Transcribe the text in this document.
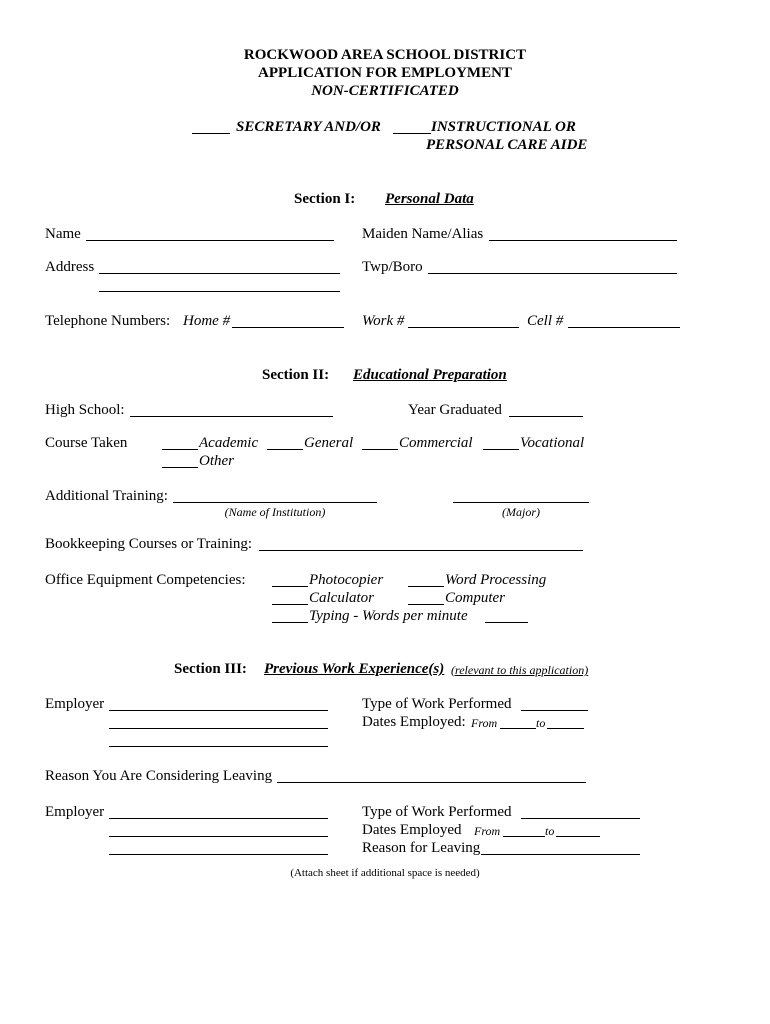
ROCKWOOD AREA SCHOOL DISTRICT
APPLICATION FOR EMPLOYMENT
NON-CERTIFICATED
SECRETARY AND/OR	INSTRUCTIONAL OR
PERSONAL CARE AIDE
Section I: Personal Data
Name	Maiden Name/Alias
Address	Twp/Boro
Telephone Numbers: Home #	Work #	Cell #
Section II: Educational Preparation
High School:	Year Graduated
Course Taken	Academic	General	Commercial	Vocational
Other
Additional Training:
(Name of Institution)	(Major)
Bookkeeping Courses or Training:
Office Equipment Competencies:	Photocopier	Word Processing
Calculator	Computer
Typing - Words per minute
Section III: Previous Work Experience(s) (relevant to this application)
Employer	Type of Work Performed
Dates Employed: From	to
Reason You Are Considering Leaving
Employer	Type of Work Performed
Dates Employed From	to
Reason for Leaving
(Attach sheet if additional space is needed)
